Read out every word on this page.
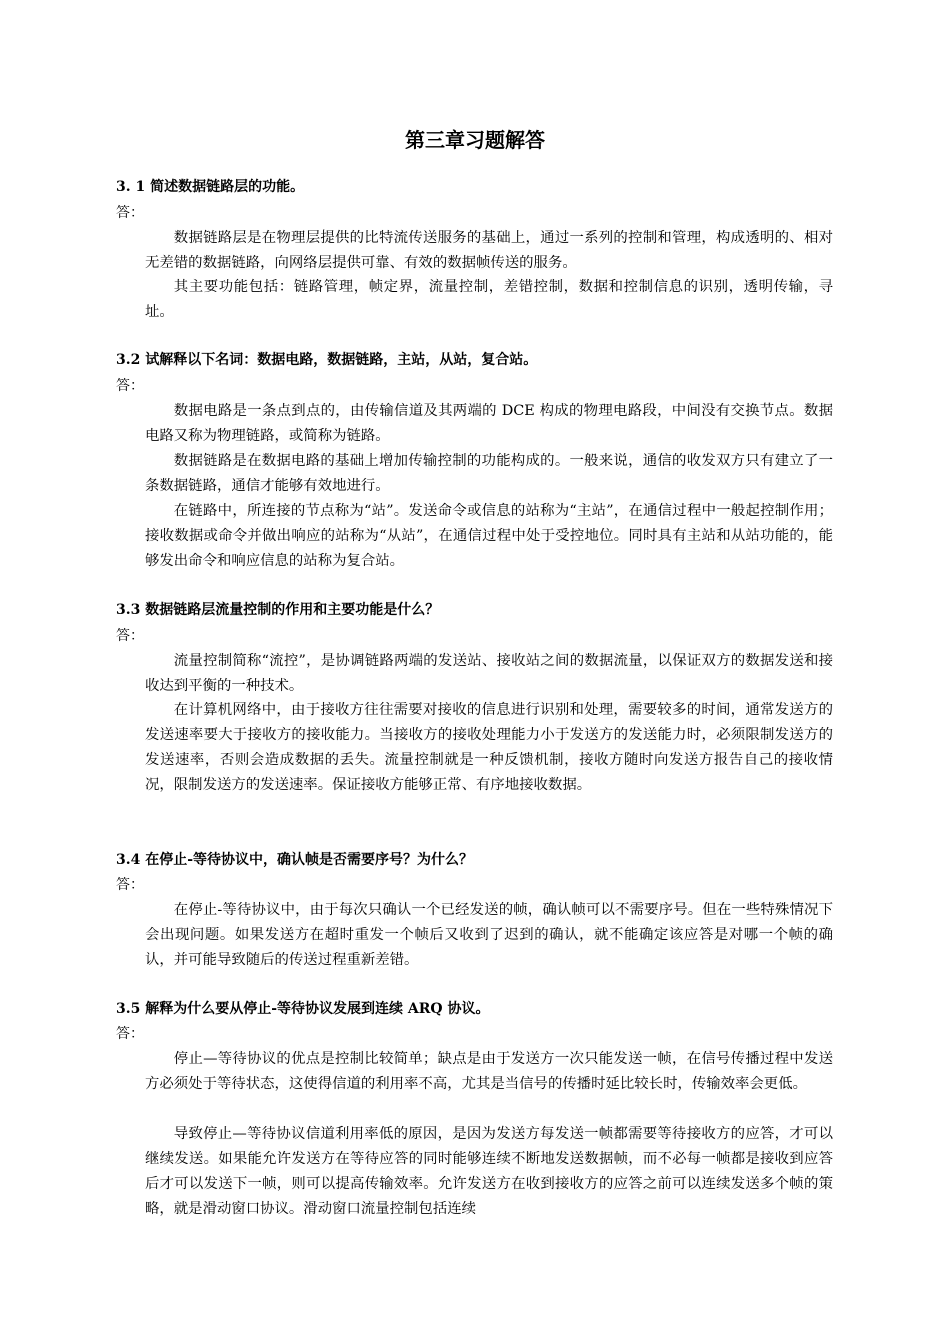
第三章习题解答
3. 1 简述数据链路层的功能。
答：
数据链路层是在物理层提供的比特流传送服务的基础上，通过一系列的控制和管理，构成透明的、相对无差错的数据链路，向网络层提供可靠、有效的数据帧传送的服务。
其主要功能包括：链路管理，帧定界，流量控制，差错控制，数据和控制信息的识别，透明传输，寻址。
3.2 试解释以下名词：数据电路，数据链路，主站，从站，复合站。
答：
数据电路是一条点到点的，由传输信道及其两端的 DCE 构成的物理电路段，中间没有交换节点。数据电路又称为物理链路，或简称为链路。
数据链路是在数据电路的基础上增加传输控制的功能构成的。一般来说，通信的收发双方只有建立了一条数据链路，通信才能够有效地进行。
在链路中，所连接的节点称为“站”。发送命令或信息的站称为“主站”，在通信过程中一般起控制作用；接收数据或命令并做出响应的站称为“从站”，在通信过程中处于受控地位。同时具有主站和从站功能的，能够发出命令和响应信息的站称为复合站。
3.3 数据链路层流量控制的作用和主要功能是什么？
答：
流量控制简称“流控”，是协调链路两端的发送站、接收站之间的数据流量，以保证双方的数据发送和接收达到平衡的一种技术。
在计算机网络中，由于接收方往往需要对接收的信息进行识别和处理，需要较多的时间，通常发送方的发送速率要大于接收方的接收能力。当接收方的接收处理能力小于发送方的发送能力时，必须限制发送方的发送速率，否则会造成数据的丢失。流量控制就是一种反馈机制，接收方随时向发送方报告自己的接收情况，限制发送方的发送速率。保证接收方能够正常、有序地接收数据。
3.4 在停止-等待协议中，确认帧是否需要序号？为什么？
答：
在停止-等待协议中，由于每次只确认一个已经发送的帧，确认帧可以不需要序号。但在一些特殊情况下会出现问题。如果发送方在超时重发一个帧后又收到了迟到的确认，就不能确定该应答是对哪一个帧的确认，并可能导致随后的传送过程重新差错。
3.5 解释为什么要从停止-等待协议发展到连续 ARQ 协议。
答：
停止—等待协议的优点是控制比较简单；缺点是由于发送方一次只能发送一帧，在信号传播过程中发送方必须处于等待状态，这使得信道的利用率不高，尤其是当信号的传播时延比较长时，传输效率会更低。
导致停止—等待协议信道利用率低的原因，是因为发送方每发送一帧都需要等待接收方的应答，才可以继续发送。如果能允许发送方在等待应答的同时能够连续不断地发送数据帧，而不必每一帧都是接收到应答后才可以发送下一帧，则可以提高传输效率。允许发送方在收到接收方的应答之前可以连续发送多个帧的策略，就是滑动窗口协议。滑动窗口流量控制包括连续
